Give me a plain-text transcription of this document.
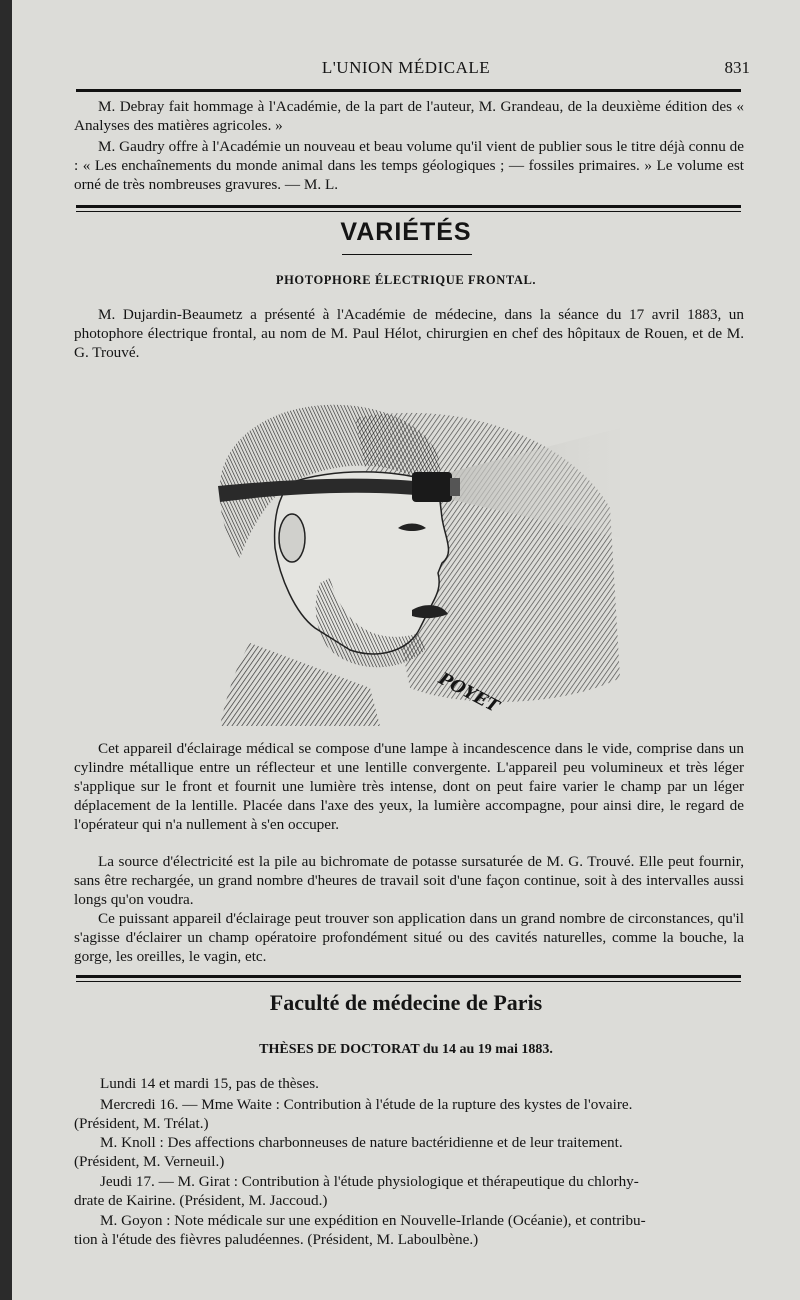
L'UNION MÉDICALE	831
M. Debray fait hommage à l'Académie, de la part de l'auteur, M. Grandeau, de la deuxième édition des « Analyses des matières agricoles. »
M. Gaudry offre à l'Académie un nouveau et beau volume qu'il vient de publier sous le titre déjà connu de : « Les enchaînements du monde animal dans les temps géologiques ; — fossiles primaires. » Le volume est orné de très nombreuses gravures. — M. L.
VARIÉTÉS
PHOTOPHORE ÉLECTRIQUE FRONTAL.
M. Dujardin-Beaumetz a présenté à l'Académie de médecine, dans la séance du 17 avril 1883, un photophore électrique frontal, au nom de M. Paul Hélot, chirurgien en chef des hôpitaux de Rouen, et de M. G. Trouvé.
POYET
Cet appareil d'éclairage médical se compose d'une lampe à incandescence dans le vide, comprise dans un cylindre métallique entre un réflecteur et une lentille convergente. L'appareil peu volumineux et très léger s'applique sur le front et fournit une lumière très intense, dont on peut faire varier le champ par un léger déplacement de la lentille. Placée dans l'axe des yeux, la lumière accompagne, pour ainsi dire, le regard de l'opérateur qui n'a nullement à s'en occuper.
La source d'électricité est la pile au bichromate de potasse sursaturée de M. G. Trouvé. Elle peut fournir, sans être rechargée, un grand nombre d'heures de travail soit d'une façon continue, soit à des intervalles aussi longs qu'on voudra.
Ce puissant appareil d'éclairage peut trouver son application dans un grand nombre de circonstances, qu'il s'agisse d'éclairer un champ opératoire profondément situé ou des cavités naturelles, comme la bouche, la gorge, les oreilles, le vagin, etc.
Faculté de médecine de Paris
THÈSES DE DOCTORAT du 14 au 19 mai 1883.
Lundi 14 et mardi 15, pas de thèses.
Mercredi 16. — Mme Waite : Contribution à l'étude de la rupture des kystes de l'ovaire.
(Président, M. Trélat.)
M. Knoll : Des affections charbonneuses de nature bactéridienne et de leur traitement.
(Président, M. Verneuil.)
Jeudi 17. — M. Girat : Contribution à l'étude physiologique et thérapeutique du chlorhy-
drate de Kairine. (Président, M. Jaccoud.)
M. Goyon : Note médicale sur une expédition en Nouvelle-Irlande (Océanie), et contribu-
tion à l'étude des fièvres paludéennes. (Président, M. Laboulbène.)
